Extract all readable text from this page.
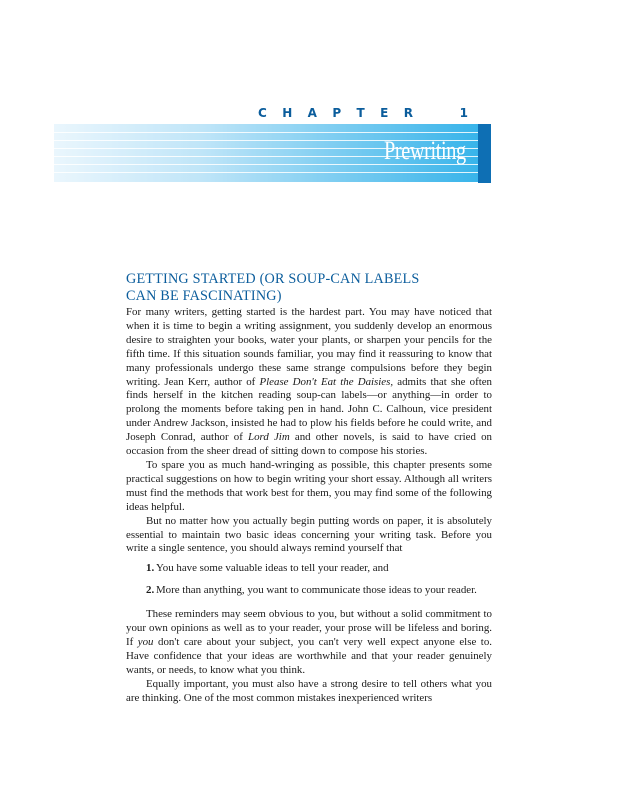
C H A P T E R	1
Prewriting
GETTING STARTED (OR SOUP-CAN LABELS
CAN BE FASCINATING)

For many writers, getting started is the hardest part. You may have noticed that when it is time to begin a writing assignment, you suddenly develop an enormous desire to straighten your books, water your plants, or sharpen your pencils for the fifth time. If this situation sounds familiar, you may find it reassuring to know that many professionals undergo these same strange compulsions before they begin writing. Jean Kerr, author of Please Don't Eat the Daisies, admits that she often finds herself in the kitchen reading soup-can labels—or anything—in order to prolong the moments before taking pen in hand. John C. Calhoun, vice president under Andrew Jackson, insisted he had to plow his fields before he could write, and Joseph Conrad, author of Lord Jim and other novels, is said to have cried on occasion from the sheer dread of sitting down to compose his stories.

To spare you as much hand-wringing as possible, this chapter presents some practical suggestions on how to begin writing your short essay. Although all writers must find the methods that work best for them, you may find some of the following ideas helpful.

But no matter how you actually begin putting words on paper, it is absolutely essential to maintain two basic ideas concerning your writing task. Before you write a single sentence, you should always remind yourself that

1. You have some valuable ideas to tell your reader, and
2. More than anything, you want to communicate those ideas to your reader.

These reminders may seem obvious to you, but without a solid commitment to your own opinions as well as to your reader, your prose will be lifeless and boring. If you don't care about your subject, you can't very well expect anyone else to. Have confidence that your ideas are worthwhile and that your reader genuinely wants, or needs, to know what you think.

Equally important, you must also have a strong desire to tell others what you are thinking. One of the most common mistakes inexperienced writers
